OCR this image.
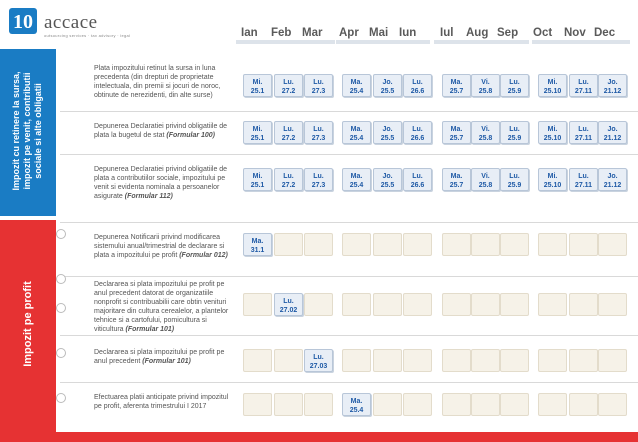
10 accace
outsourcing services · tax advisory · legal	Ian Feb Mar Apr Mai Iun Iul Aug Sep Oct Nov Dec
Impozit cu retinere la sursa, impozit pe venit, contributii sociale si alte obligatii
Impozit pe profit
Plata impozitului retinut la sursa in luna precedenta (din drepturi de proprietate intelectuala, din premii si jocuri de noroc, obtinute de nerezidenti, din alte surse)
Mi.
25.1
Lu.
27.2
Lu.
27.3
Ma.
25.4
Jo.
25.5
Lu.
26.6
Ma.
25.7
Vi.
25.8
Lu.
25.9
Mi.
25.10
Lu.
27.11
Jo.
21.12
Depunerea Declaratiei privind obligatiile de plata la bugetul de stat (Formular 100)
Mi.
25.1
Lu.
27.2
Lu.
27.3
Ma.
25.4
Jo.
25.5
Lu.
26.6
Ma.
25.7
Vi.
25.8
Lu.
25.9
Mi.
25.10
Lu.
27.11
Jo.
21.12
Depunerea Declaratiei privind obligatiile de plata a contributiilor sociale, impozitului pe venit si evidenta nominala a persoanelor asigurate (Formular 112)
Mi.
25.1
Lu.
27.2
Lu.
27.3
Ma.
25.4
Jo.
25.5
Lu.
26.6
Ma.
25.7
Vi.
25.8
Lu.
25.9
Mi.
25.10
Lu.
27.11
Jo.
21.12
Depunerea Notificarii privind modificarea sistemului anual/trimestrial de declarare si plata a impozitului pe profit (Formular 012)
Ma.
31.1
Declararea si plata impozitului pe profit pe anul precedent datorat de organizatiile nonprofit si contribuabilii care obtin venituri majoritare din cultura cerealelor, a plantelor tehnice si a cartofului, pomicultura si viticultura (Formular 101)
Lu.
27.02
Declararea si plata impozitului pe profit pe anul precedent (Formular 101)
Lu.
27.03
Efectuarea platii anticipate privind impozitul pe profit, aferenta trimestrului I 2017
Ma.
25.4
